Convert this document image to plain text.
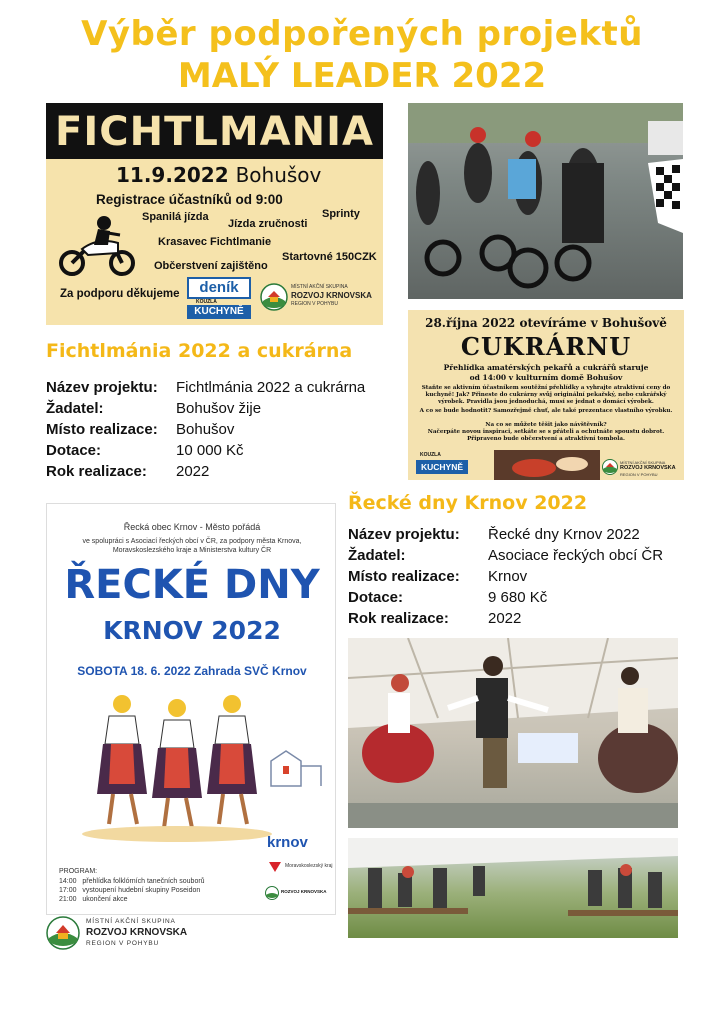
Výběr podpořených projektů
MALÝ LEADER 2022
FICHTLMANIA
11.9.2022 Bohušov
Registrace účastníků od 9:00
Spanilá jízda
Jízda zručnosti
Sprinty
Krasavec Fichtlmanie
Startovné 150CZK
Občerstvení zajištěno
Za podporu děkujeme	deník
KOUZLA
KUCHYNĚ
MÍSTNÍ AKČNÍ SKUPINA
ROZVOJ KRNOVSKA
REGION V POHYBU
28.října 2022 otevíráme v Bohušově
CUKRÁRNU
Přehlídka amatérských pekařů a cukrářů staruje
od 14:00 v kulturním domě Bohušov
Staňte se aktivním účastníkem soutěžní přehlídky a vyhrajte atraktivní ceny do kuchyně! Jak? Přineste do cukrárny svůj originální pekařský, nebo cukrářský výrobek. Pravidla jsou jednoduchá, musí se jednat o domácí výrobek.
A co se bude hodnotit? Samozřejmě chuť, ale také prezentace vlastního výrobku.
Na co se můžete těšit jako návštěvník?
Načerpáte novou inspiraci, setkáte se s přáteli a ochutnáte spoustu dobrot.
Připraveno bude občerstvení a atraktivní tombola.
KOUZLA
KUCHYNĚ	MÍSTNÍ AKČNÍ SKUPINA
ROZVOJ KRNOVSKA
REGION V POHYBU
Fichtlmánia 2022 a cukrárna
Název projektu:	Fichtlmánia 2022 a cukrárna
Žadatel:	Bohušov žije
Místo realizace:	Bohušov
Dotace:	10 000 Kč
Rok realizace:	2022
Řecké dny Krnov 2022
Název projektu:	Řecké dny Krnov 2022
Žadatel:	Asociace řeckých obcí ČR
Místo realizace:	Krnov
Dotace:	9 680 Kč
Rok realizace:	2022
Řecká obec Krnov - Město pořádá
ve spolupráci s Asociací řeckých obcí v ČR, za podpory města Krnova,
Moravskoslezského kraje a Ministerstva kultury ČR
ŘECKÉ DNY
KRNOV 2022
SOBOTA 18. 6. 2022 Zahrada SVČ Krnov
krnov
Moravskoslezský kraj
ROZVOJ KRNOVSKA
PROGRAM:
14:00 přehlídka folklórních tanečních souborů
17:00 vystoupení hudební skupiny Poseidon
21:00 ukončení akce
MÍSTNÍ AKČNÍ SKUPINA
ROZVOJ KRNOVSKA
REGION V POHYBU
